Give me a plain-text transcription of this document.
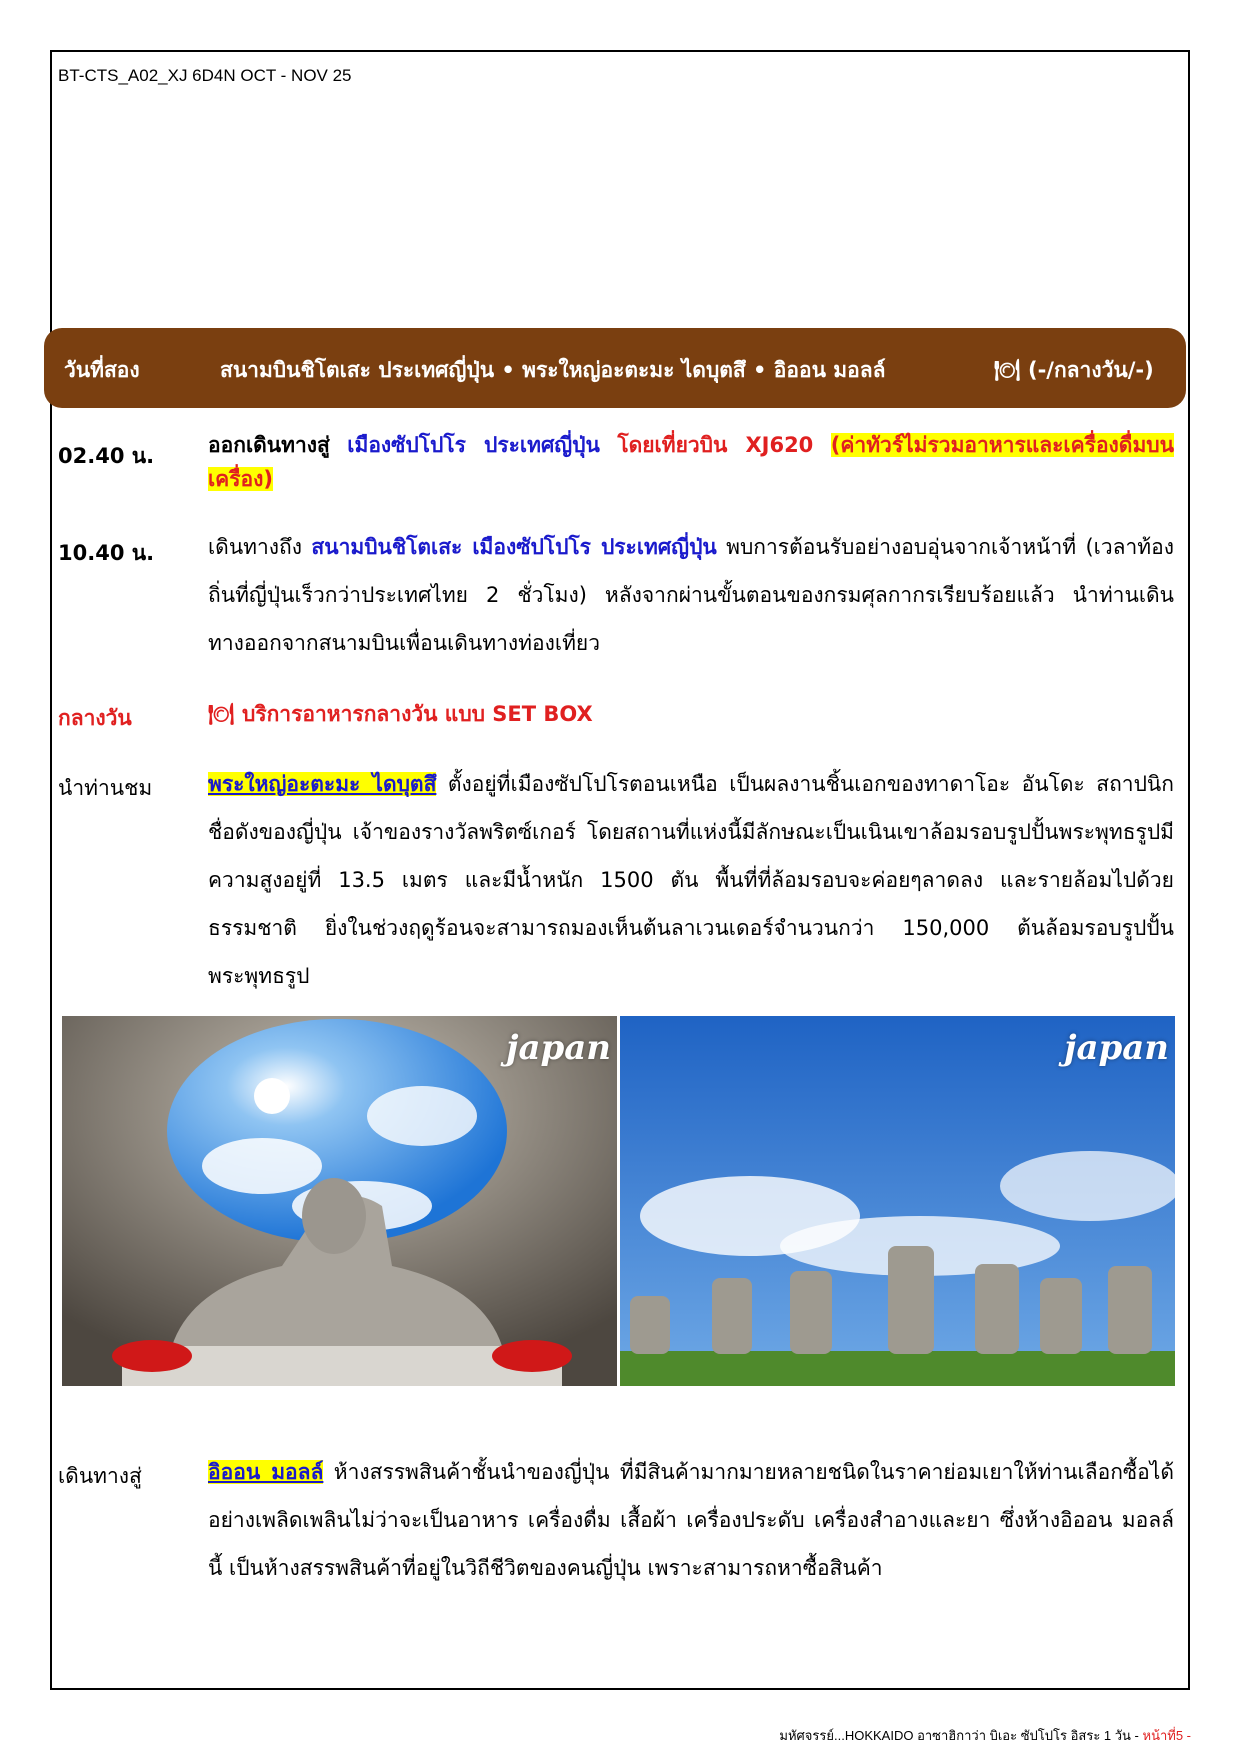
BT-CTS_A02_XJ 6D4N OCT - NOV 25
วันที่สอง	สนามบินชิโตเสะ ประเทศญี่ปุ่น • พระใหญ่อะตะมะ ไดบุตสึ • อิออน มอลล์	🍽 (-/กลางวัน/-)
02.40 น.	ออกเดินทางสู่ เมืองซัปโปโร ประเทศญี่ปุ่น โดยเที่ยวบิน XJ620 (ค่าทัวร์ไม่รวมอาหารและเครื่องดื่มบนเครื่อง)
10.40 น.	เดินทางถึง สนามบินชิโตเสะ เมืองซัปโปโร ประเทศญี่ปุ่น พบการต้อนรับอย่างอบอุ่นจากเจ้าหน้าที่ (เวลาท้องถิ่นที่ญี่ปุ่นเร็วกว่าประเทศไทย 2 ชั่วโมง) หลังจากผ่านขั้นตอนของกรมศุลกากรเรียบร้อยแล้ว นำท่านเดินทางออกจากสนามบินเพื่อนเดินทางท่องเที่ยว
กลางวัน	🍽 บริการอาหารกลางวัน แบบ SET BOX
นำท่านชม	พระใหญ่อะตะมะ ไดบุตสึ ตั้งอยู่ที่เมืองซัปโปโรตอนเหนือ เป็นผลงานชิ้นเอกของทาดาโอะ อันโดะ สถาปนิกชื่อดังของญี่ปุ่น เจ้าของรางวัลพริตซ์เกอร์ โดยสถานที่แห่งนี้มีลักษณะเป็นเนินเขาล้อมรอบรูปปั้นพระพุทธรูปมีความสูงอยู่ที่ 13.5 เมตร และมีน้ำหนัก 1500 ตัน พื้นที่ที่ล้อมรอบจะค่อยๆลาดลง และรายล้อมไปด้วยธรรมชาติ ยิ่งในช่วงฤดูร้อนจะสามารถมองเห็นต้นลาเวนเดอร์จำนวนกว่า 150,000 ต้นล้อมรอบรูปปั้นพระพุทธรูป
japan	japan
เดินทางสู่	อิออน มอลล์ ห้างสรรพสินค้าชั้นนำของญี่ปุ่น ที่มีสินค้ามากมายหลายชนิดในราคาย่อมเยาให้ท่านเลือกซื้อได้อย่างเพลิดเพลินไม่ว่าจะเป็นอาหาร เครื่องดื่ม เสื้อผ้า เครื่องประดับ เครื่องสำอางและยา ซึ่งห้างอิออน มอลล์ นี้ เป็นห้างสรรพสินค้าที่อยู่ในวิถีชีวิตของคนญี่ปุ่น เพราะสามารถหาซื้อสินค้า
มหัศจรรย์...HOKKAIDO อาซาฮิกาว่า บิเอะ ซัปโปโร อิสระ 1 วัน - หน้าที่5 -
